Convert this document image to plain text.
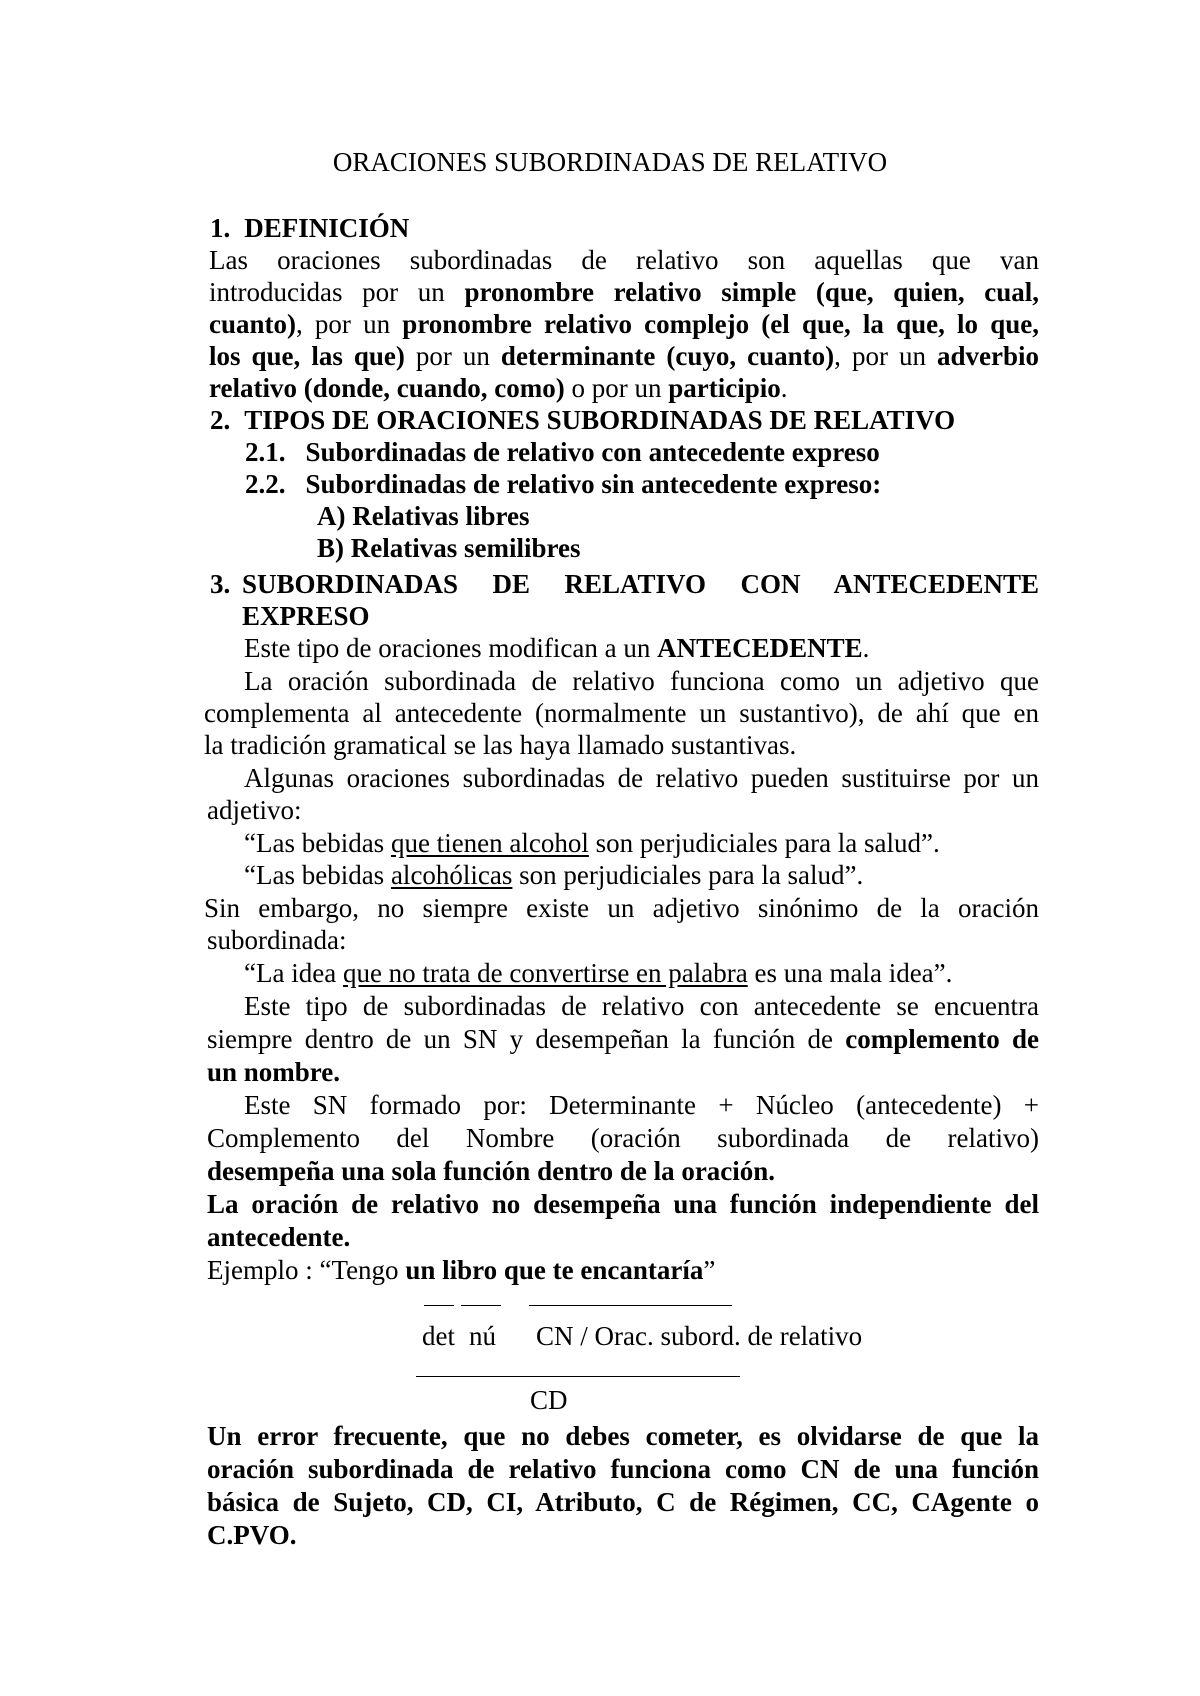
ORACIONES SUBORDINADAS DE RELATIVO
1. DEFINICIÓN
Las oraciones subordinadas de relativo son aquellas que van
introducidas por un pronombre relativo simple (que, quien, cual,
cuanto), por un pronombre relativo complejo (el que, la que, lo que,
los que, las que) por un determinante (cuyo, cuanto), por un adverbio
relativo (donde, cuando, como) o por un participio.
2. TIPOS DE ORACIONES SUBORDINADAS DE RELATIVO
2.1. Subordinadas de relativo con antecedente expreso
2.2. Subordinadas de relativo sin antecedente expreso:
A) Relativas libres
B) Relativas semilibres
3. SUBORDINADAS DE RELATIVO CON ANTECEDENTE
EXPRESO
Este tipo de oraciones modifican a un ANTECEDENTE.
La oración subordinada de relativo funciona como un adjetivo que
complementa al antecedente (normalmente un sustantivo), de ahí que en
la tradición gramatical se las haya llamado sustantivas.
Algunas oraciones subordinadas de relativo pueden sustituirse por un
adjetivo:
“Las bebidas que tienen alcohol son perjudiciales para la salud”.
“Las bebidas alcohólicas son perjudiciales para la salud”.
Sin embargo, no siempre existe un adjetivo sinónimo de la oración
subordinada:
“La idea que no trata de convertirse en palabra es una mala idea”.
Este tipo de subordinadas de relativo con antecedente se encuentra
siempre dentro de un SN y desempeñan la función de complemento de
un nombre.
Este SN formado por: Determinante + Núcleo (antecedente) +
Complemento del Nombre (oración subordinada de relativo)
desempeña una sola función dentro de la oración.
La oración de relativo no desempeña una función independiente del
antecedente.
Ejemplo : “Tengo un libro que te encantaría”
det nú CN / Orac. subord. de relativo
CD
Un error frecuente, que no debes cometer, es olvidarse de que la
oración subordinada de relativo funciona como CN de una función
básica de Sujeto, CD, CI, Atributo, C de Régimen, CC, CAgente o
C.PVO.
